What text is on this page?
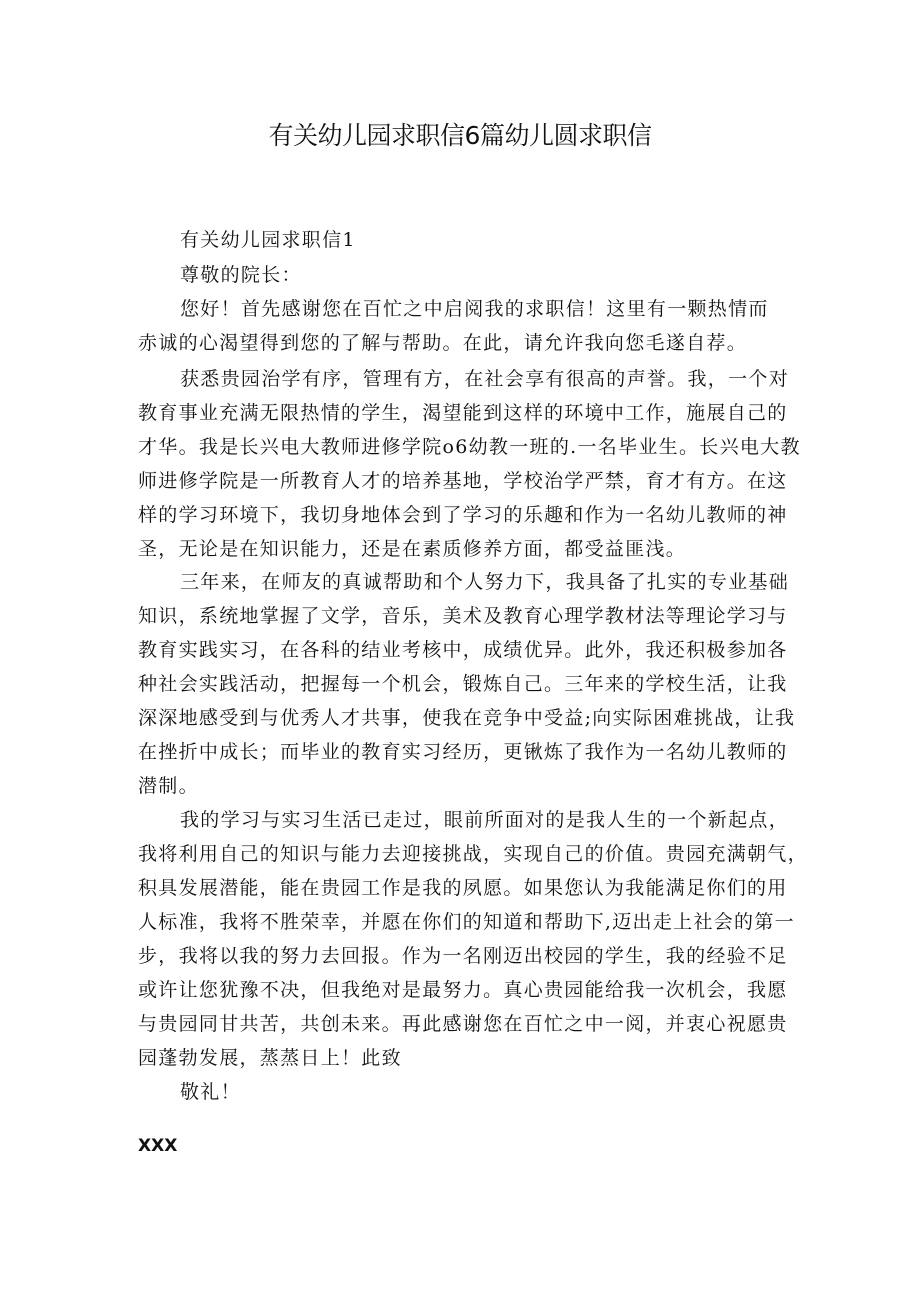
有关幼儿园求职信6篇幼儿圆求职信
有关幼儿园求职信1
尊敬的院长：
您好！首先感谢您在百忙之中启阅我的求职信！这里有一颗热情而
赤诚的心渴望得到您的了解与帮助。在此，请允许我向您毛遂自荐。
获悉贵园治学有序，管理有方，在社会享有很高的声誉。我，一个对
教育事业充满无限热情的学生，渴望能到这样的环境中工作，施展自己的
才华。我是长兴电大教师进修学院o6幼教一班的.一名毕业生。长兴电大教
师进修学院是一所教育人才的培养基地，学校治学严禁，育才有方。在这
样的学习环境下，我切身地体会到了学习的乐趣和作为一名幼儿教师的神
圣，无论是在知识能力，还是在素质修养方面，都受益匪浅。
三年来，在师友的真诚帮助和个人努力下，我具备了扎实的专业基础
知识，系统地掌握了文学，音乐，美术及教育心理学教材法等理论学习与
教育实践实习，在各科的结业考核中，成绩优异。此外，我还积极参加各
种社会实践活动，把握每一个机会，锻炼自己。三年来的学校生活，让我
深深地感受到与优秀人才共事，使我在竞争中受益;向实际困难挑战，让我
在挫折中成长；而毕业的教育实习经历，更锹炼了我作为一名幼儿教师的
潜制。
我的学习与实习生活已走过，眼前所面对的是我人生的一个新起点，
我将利用自己的知识与能力去迎接挑战，实现自己的价值。贵园充满朝气，
积具发展潜能，能在贵园工作是我的夙愿。如果您认为我能满足你们的用
人标准，我将不胜荣幸，并愿在你们的知道和帮助下,迈出走上社会的第一
步，我将以我的努力去回报。作为一名刚迈出校园的学生，我的经验不足
或许让您犹豫不决，但我绝对是最努力。真心贵园能给我一次机会，我愿
与贵园同甘共苦，共创未来。再此感谢您在百忙之中一阅，并衷心祝愿贵
园蓬勃发展，蒸蒸日上！此致
敬礼！
XXX
